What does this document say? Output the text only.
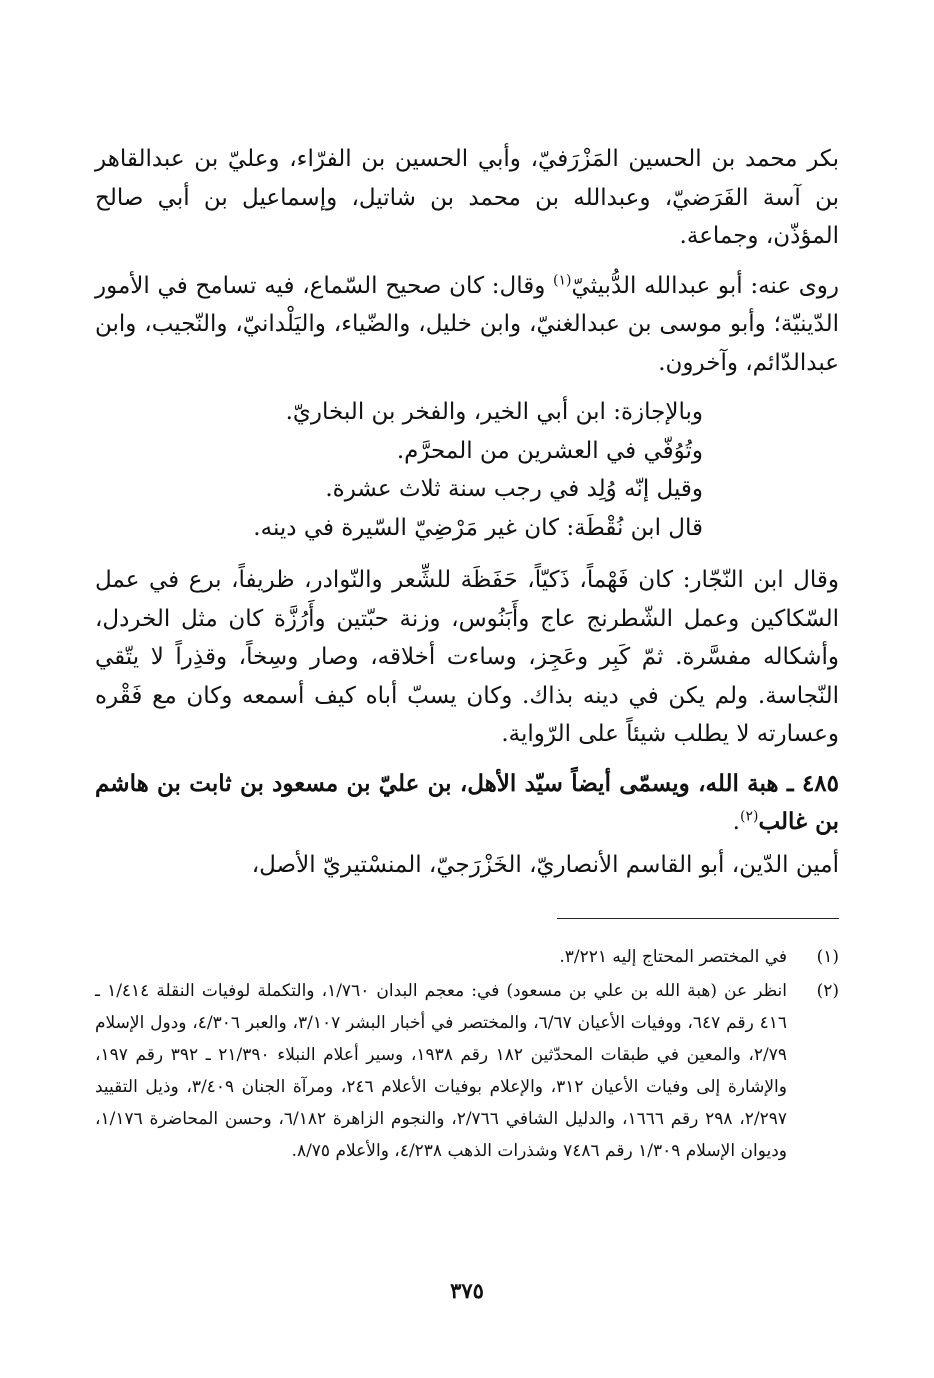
بكر محمد بن الحسين المَزْرَفيّ، وأبي الحسين بن الفرّاء، وعليّ بن عبدالقاهر بن آسة الفَرَضيّ، وعبدالله بن محمد بن شاتيل، وإسماعيل بن أبي صالح المؤذّن، وجماعة.

روى عنه: أبو عبدالله الدُّبيثيّ$^{(١)}$ وقال: كان صحيح السّماع، فيه تسامح في الأمور الدّينيّة؛ وأبو موسى بن عبدالغنيّ، وابن خليل، والضّياء، واليَلْدانيّ، والنّجيب، وابن عبدالدّائم، وآخرون.

وبالإجازة: ابن أبي الخير، والفخر بن البخاريّ.
وتُوُفّي في العشرين من المحرَّم.
وقيل إنّه وُلِد في رجب سنة ثلاث عشرة.
قال ابن نُقْطَة: كان غير مَرْضِيّ السّيرة في دينه.

وقال ابن النّجّار: كان فَهْماً، ذَكيّاً، حَفَظَة للشِّعر والنّوادر، ظريفاً، برع في عمل السّكاكين وعمل الشّطرنج عاج وأَبَنُوس، وزنة حبّتين وأَرُزَّة كان مثل الخردل، وأشكاله مفسَّرة. ثمّ كَبِر وعَجِز، وساءت أخلاقه، وصار وسِخاً، وقذِراً لا يتّقي النّجاسة. ولم يكن في دينه بذاك. وكان يسبّ أباه كيف أسمعه وكان مع فَقْره وعسارته لا يطلب شيئاً على الرّواية.

٤٨٥ ـ هبة الله، ويسمّى أيضاً سيّد الأهل، بن عليّ بن مسعود بن ثابت بن هاشم بن غالب$^{(٢)}$.

أمين الدّين، أبو القاسم الأنصاريّ، الخَزْرَجيّ، المنسْتيريّ الأصل،

(١)
في المختصر المحتاج إليه ٣/٢٢١.
(٢)
انظر عن (هبة الله بن علي بن مسعود) في: معجم البدان ١/٧٦٠، والتكملة لوفيات النقلة ١/٤١٤ ـ ٤١٦ رقم ٦٤٧، ووفيات الأعيان ٦/٦٧، والمختصر في أخبار البشر ٣/١٠٧، والعبر ٤/٣٠٦، ودول الإسلام ٢/٧٩، والمعين في طبقات المحدّثين ١٨٢ رقم ١٩٣٨، وسير أعلام النبلاء ٢١/٣٩٠ ـ ٣٩٢ رقم ١٩٧، والإشارة إلى وفيات الأعيان ٣١٢، والإعلام بوفيات الأعلام ٢٤٦، ومرآة الجنان ٣/٤٠٩، وذيل التقييد ٢/٢٩٧، ٢٩٨ رقم ١٦٦٦، والدليل الشافي ٢/٧٦٦، والنجوم الزاهرة ٦/١٨٢، وحسن المحاضرة ١/١٧٦، وديوان الإسلام ١/٣٠٩ رقم ٧٤٨٦ وشذرات الذهب ٤/٢٣٨، والأعلام ٨/٧٥.
٣٧٥
